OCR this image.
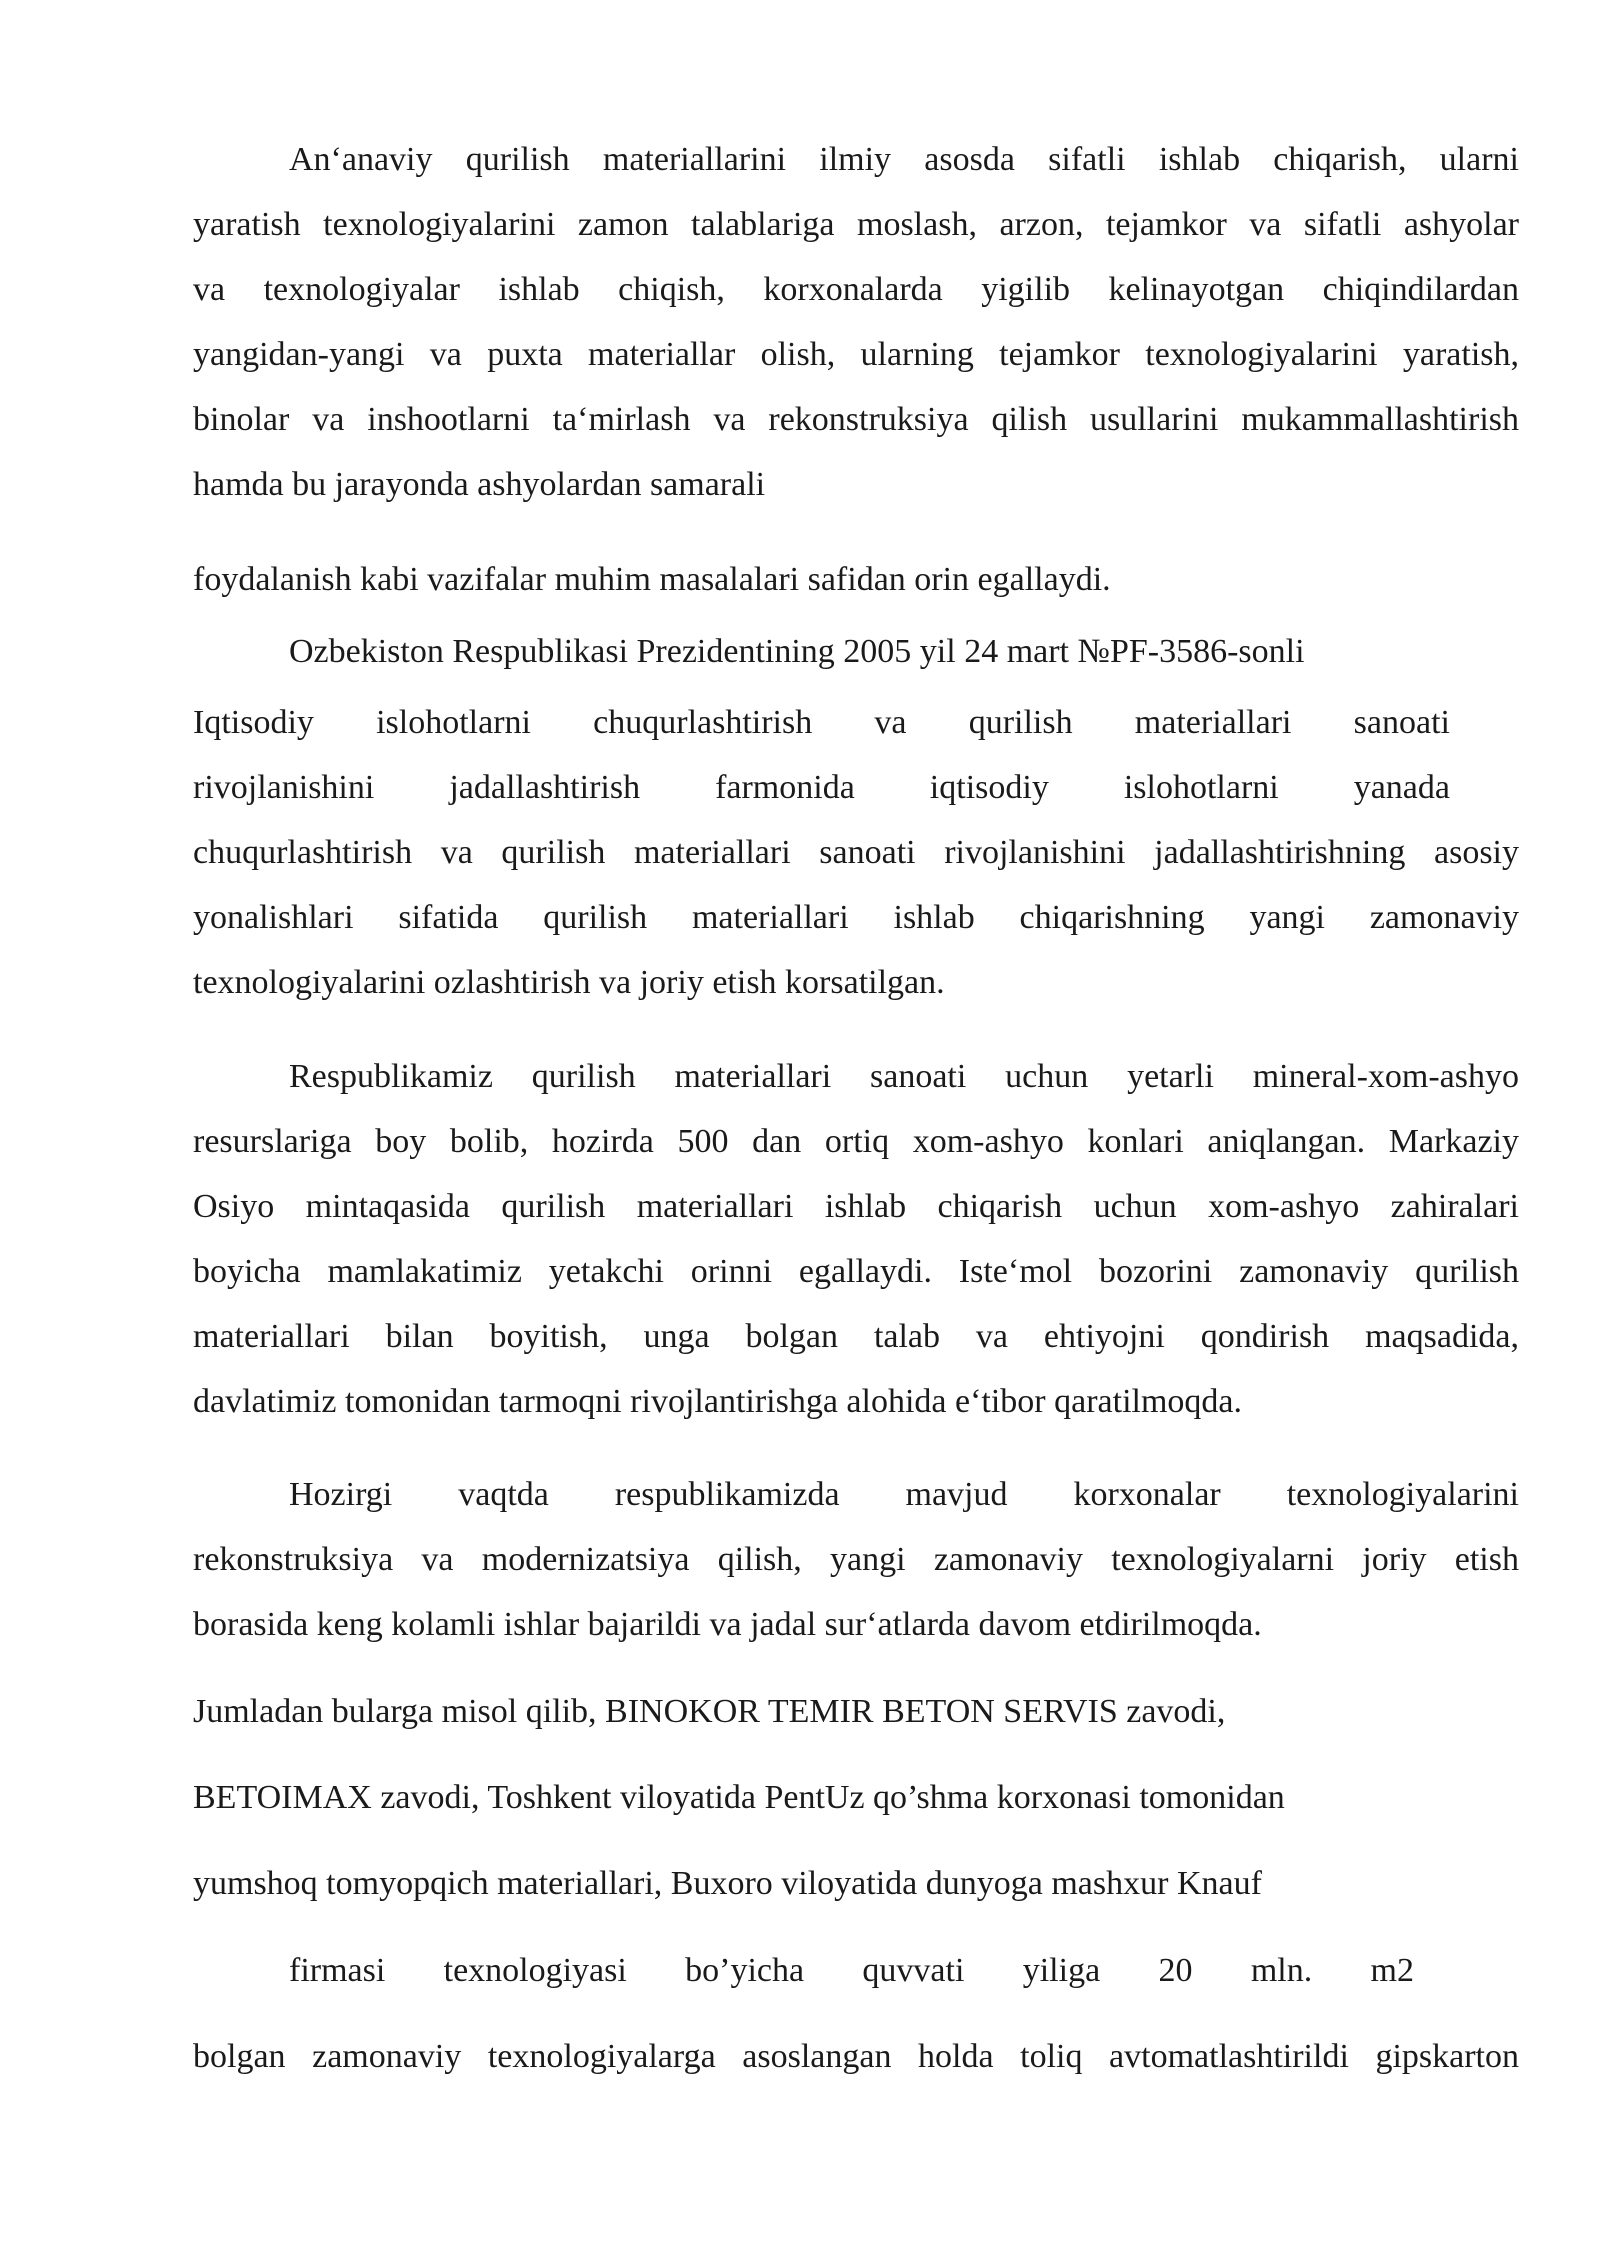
An‘anaviy qurilish materiallarini ilmiy asosda sifatli ishlab chiqarish, ularni
yaratish texnologiyalarini zamon talablariga moslash, arzon, tejamkor va sifatli ashyolar
va texnologiyalar ishlab chiqish, korxonalarda yigilib kelinayotgan chiqindilardan
yangidan-yangi va puxta materiallar olish, ularning tejamkor texnologiyalarini yaratish,
binolar va inshootlarni ta‘mirlash va rekonstruksiya qilish usullarini mukammallashtirish
hamda bu jarayonda ashyolardan samarali
foydalanish kabi vazifalar muhim masalalari safidan orin egallaydi.
Ozbekiston Respublikasi Prezidentining 2005 yil 24 mart №PF-3586-sonli
Iqtisodiy islohotlarni chuqurlashtirish va qurilish materiallari sanoati
rivojlanishini jadallashtirish farmonida iqtisodiy islohotlarni yanada
chuqurlashtirish va qurilish materiallari sanoati rivojlanishini jadallashtirishning asosiy
yonalishlari sifatida qurilish materiallari ishlab chiqarishning yangi zamonaviy
texnologiyalarini ozlashtirish va joriy etish korsatilgan.
Respublikamiz qurilish materiallari sanoati uchun yetarli mineral-xom-ashyo
resurslariga boy bolib, hozirda 500 dan ortiq xom-ashyo konlari aniqlangan. Markaziy
Osiyo mintaqasida qurilish materiallari ishlab chiqarish uchun xom-ashyo zahiralari
boyicha mamlakatimiz yetakchi orinni egallaydi. Iste‘mol bozorini zamonaviy qurilish
materiallari bilan boyitish, unga bolgan talab va ehtiyojni qondirish maqsadida,
davlatimiz tomonidan tarmoqni rivojlantirishga alohida e‘tibor qaratilmoqda.
Hozirgi vaqtda respublikamizda mavjud korxonalar texnologiyalarini
rekonstruksiya va modernizatsiya qilish, yangi zamonaviy texnologiyalarni joriy etish
borasida keng kolamli ishlar bajarildi va jadal sur‘atlarda davom etdirilmoqda.
Jumladan bularga misol qilib, BINOKOR TEMIR BETON SERVIS zavodi,
BETOIMAX zavodi, Toshkent viloyatida PentUz qo’shma korxonasi tomonidan
yumshoq tomyopqich materiallari, Buxoro viloyatida dunyoga mashxur Knauf
firmasi texnologiyasi bo’yicha quvvati yiliga 20 mln. m2
bolgan zamonaviy texnologiyalarga asoslangan holda toliq avtomatlashtirildi gipskarton
